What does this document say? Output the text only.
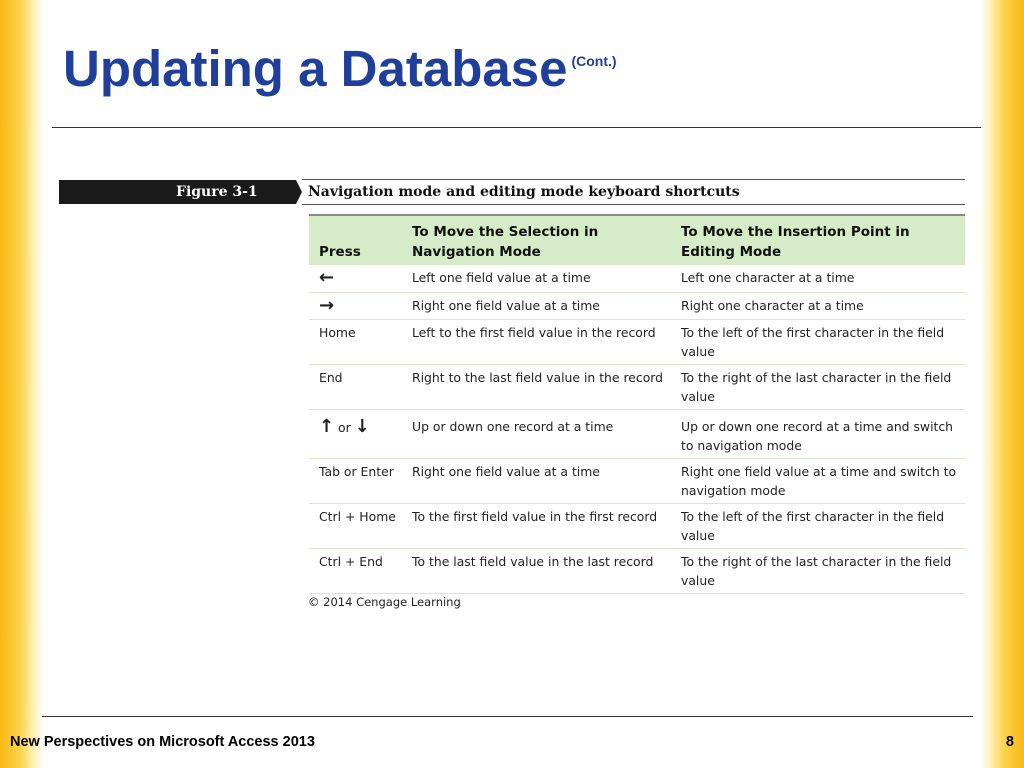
Updating a Database $^{(Cont.)}$
Figure 3-1	Navigation mode and editing mode keyboard shortcuts
Press	To Move the Selection in Navigation Mode	To Move the Insertion Point in Editing Mode
←	Left one field value at a time	Left one character at a time
→	Right one field value at a time	Right one character at a time
Home	Left to the first field value in the record	To the left of the first character in the field value
End	Right to the last field value in the record	To the right of the last character in the field value
↑ or ↓	Up or down one record at a time	Up or down one record at a time and switch to navigation mode
Tab or Enter	Right one field value at a time	Right one field value at a time and switch to navigation mode
Ctrl + Home	To the first field value in the first record	To the left of the first character in the field value
Ctrl + End	To the last field value in the last record	To the right of the last character in the field value
© 2014 Cengage Learning
New Perspectives on Microsoft Access 2013	8
